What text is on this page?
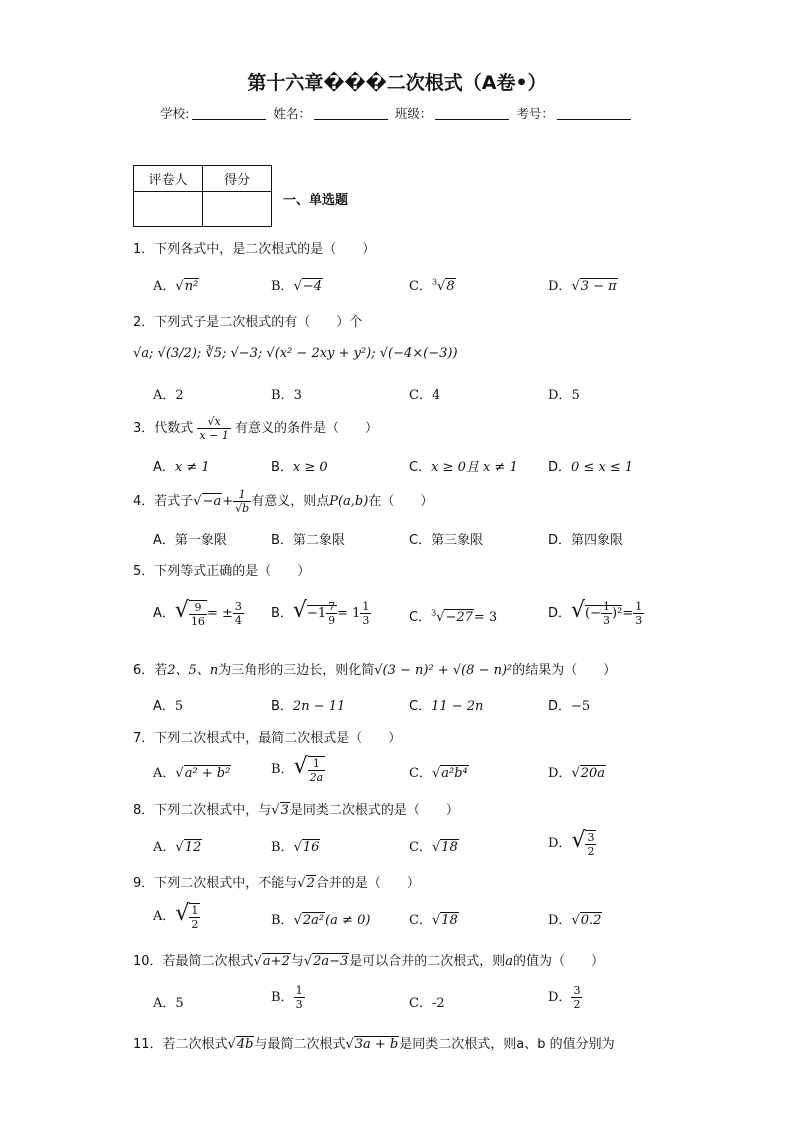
第十六章���二次根式（A卷•）
学校:	姓名：	班级：	考号：
评卷人	得分

一、单选题
1．下列各式中，是二次根式的是（　　）
A．√n²	B．√−4	C．$^3$√8	D．√3 − π
2．下列式子是二次根式的有（　　）个
√a; √(3/2); ∛5; √−3; √(x² − 2xy + y²); √(−4×(−3))
A．2	B．3	C．4	D．5
3．代数式 $\frac{√x}{x - 1}$ 有意义的条件是（　　）
A．x ≠ 1	B．x ≥ 0	C．x ≥ 0且 x ≠ 1 D．0 ≤ x ≤ 1
4．若式子$√-a+ \frac{1}{√b}$ 有意义，则点P(a,b)在（　　）
A．第一象限	B．第二象限	C．第三象限	D．第四象限
5．下列等式正确的是（　　）
A．√ $\frac{9}{16}$ = ± $\frac{3}{4}$ B．$√-1 \frac{7}{9} = 1 \frac{1}{3}$	C．$^3$√−27= 3	D．√(− $\frac{1}{3} )^2= \frac{1}{3}$
6．若2、5、n为三角形的三边长，则化简√(3 − n)² + √(8 − n)²的结果为（　　）
A．5	B．2n − 11	C．11 − 2n	D．−5
7．下列二次根式中，最简二次根式是（　　）
A．√a² + b²	B．√ $\frac{1}{2a}$	C．√a²b⁴	D．√20a
8．下列二次根式中，与√3是同类二次根式的是（　　）
A．√12	B．√16	C．√18	D．√ $\frac{3}{2}$
9．下列二次根式中，不能与√2合并的是（　　）
A．√ $\frac{1}{2}$	B．√2a²(a ≠ 0)	C．√18	D．√0.2
10．若最简二次根式√a+2与√2a−3是可以合并的二次根式，则a的值为（　　）
A．5	B． $\frac{1}{3}$	C．-2	D． $\frac{3}{2}$
11．若二次根式√4b与最简二次根式√3a + b是同类二次根式，则a、b 的值分别为
